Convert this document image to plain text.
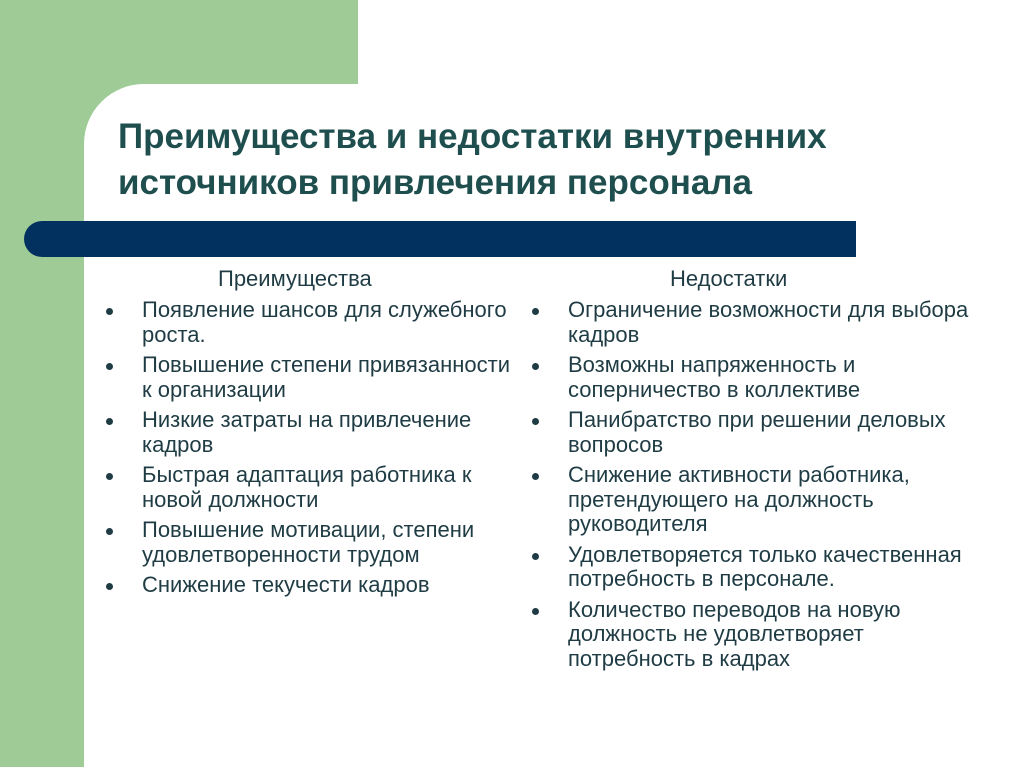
Преимущества и недостатки внутренних
источников привлечения персонала
Преимущества
Появление шансов для служебного роста.
Повышение степени привязанности к организации
Низкие затраты на привлечение кадров
Быстрая адаптация работника к новой должности
Повышение мотивации, степени удовлетворенности трудом
Снижение текучести кадров
Недостатки
Ограничение возможности для выбора кадров
Возможны напряженность и соперничество в коллективе
Панибратство при решении деловых вопросов
Снижение активности работника, претендующего на должность руководителя
Удовлетворяется только качественная потребность в персонале.
Количество переводов на новую должность не удовлетворяет потребность в кадрах
